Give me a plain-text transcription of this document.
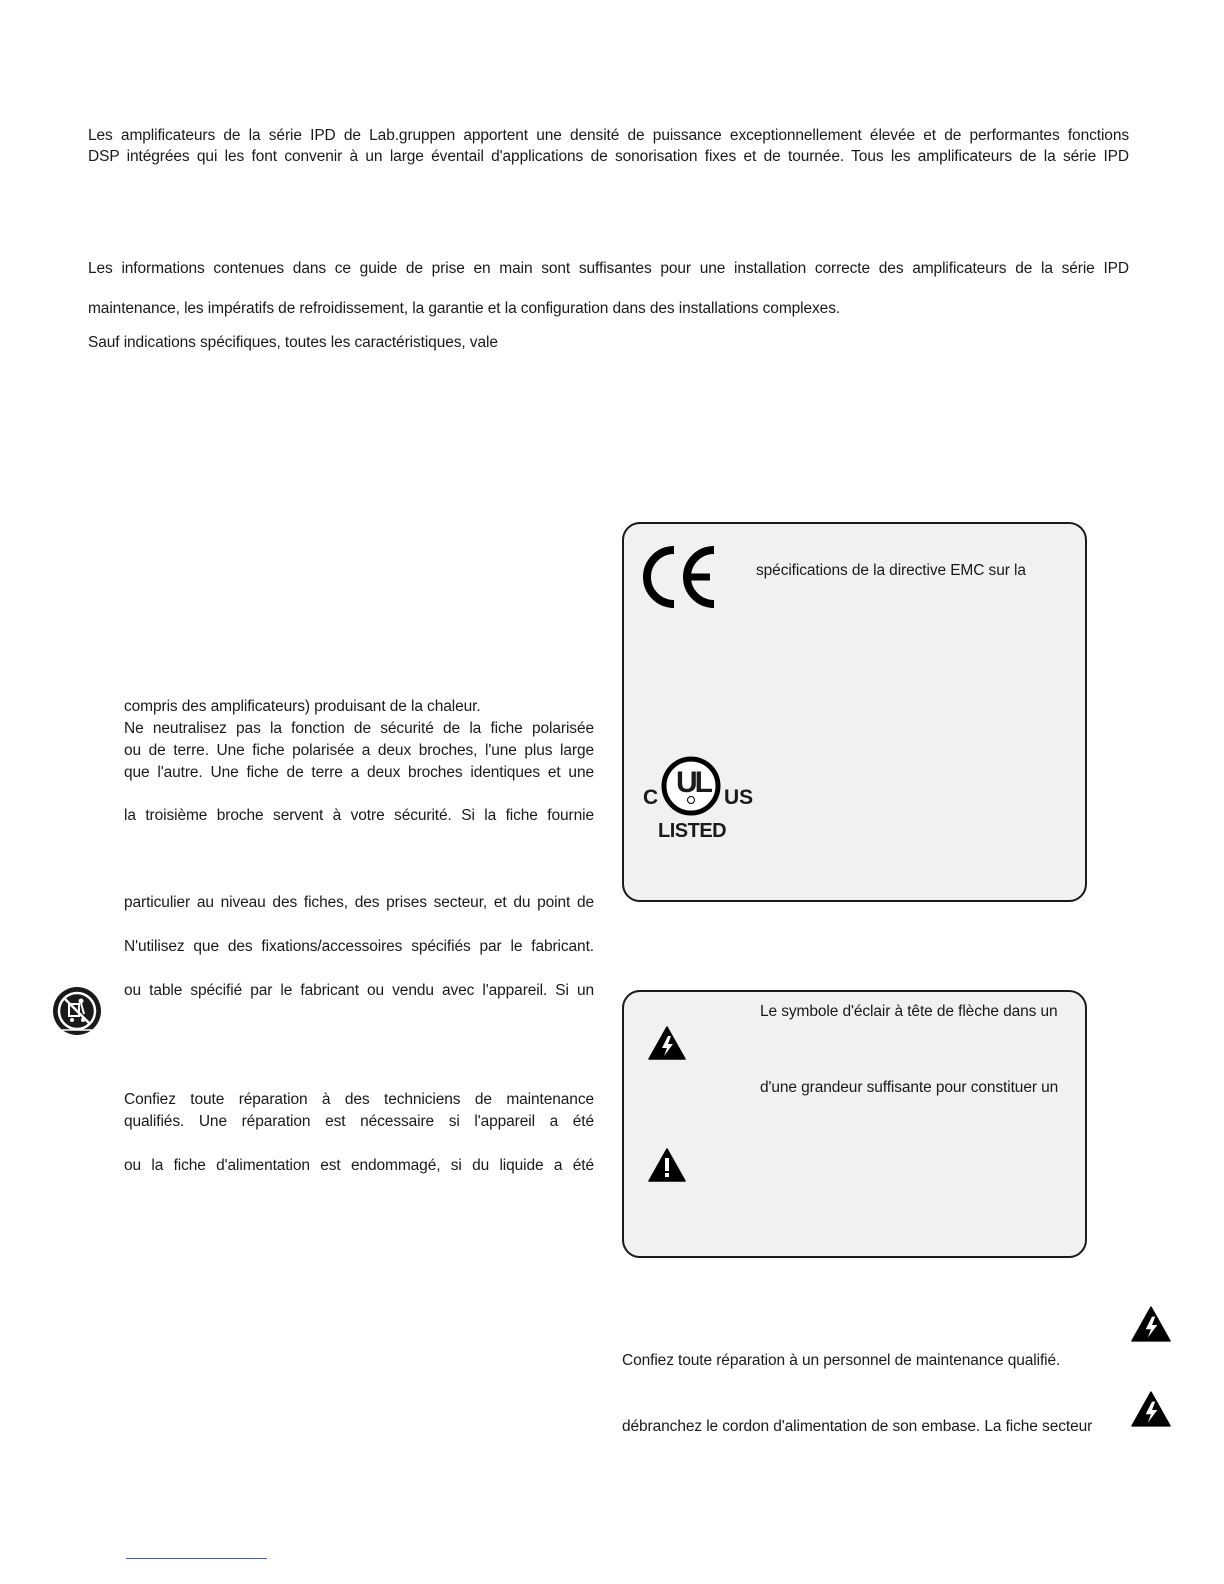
Les amplificateurs de la série IPD de Lab.gruppen apportent une densité de puissance exceptionnellement élevée et de performantes fonctions
DSP intégrées qui les font convenir à un large éventail d'applications de sonorisation fixes et de tournée. Tous les amplificateurs de la série IPD
Les informations contenues dans ce guide de prise en main sont suffisantes pour une installation correcte des amplificateurs de la série IPD
maintenance, les impératifs de refroidissement, la garantie et la configuration dans des installations complexes.
Sauf indications spécifiques, toutes les caractéristiques, vale
compris des amplificateurs) produisant de la chaleur.
Ne neutralisez pas la fonction de sécurité de la fiche polarisée
ou de terre. Une fiche polarisée a deux broches, l'une plus large
que l'autre. Une fiche de terre a deux broches identiques et une
la troisième broche servent à votre sécurité. Si la fiche fournie
particulier au niveau des fiches, des prises secteur, et du point de
N'utilisez que des fixations/accessoires spécifiés par le fabricant.
ou table spécifié par le fabricant ou vendu avec l'appareil. Si un
Confiez toute réparation à des techniciens de maintenance
qualifiés. Une réparation est nécessaire si l'appareil a été
ou la fiche d'alimentation est endommagé, si du liquide a été
spécifications de la directive EMC sur la
C UL US
LISTED
Le symbole d'éclair à tête de flèche dans un
d'une grandeur suffisante pour constituer un
Confiez toute réparation à un personnel de maintenance qualifié.
débranchez le cordon d'alimentation de son embase. La fiche secteur
